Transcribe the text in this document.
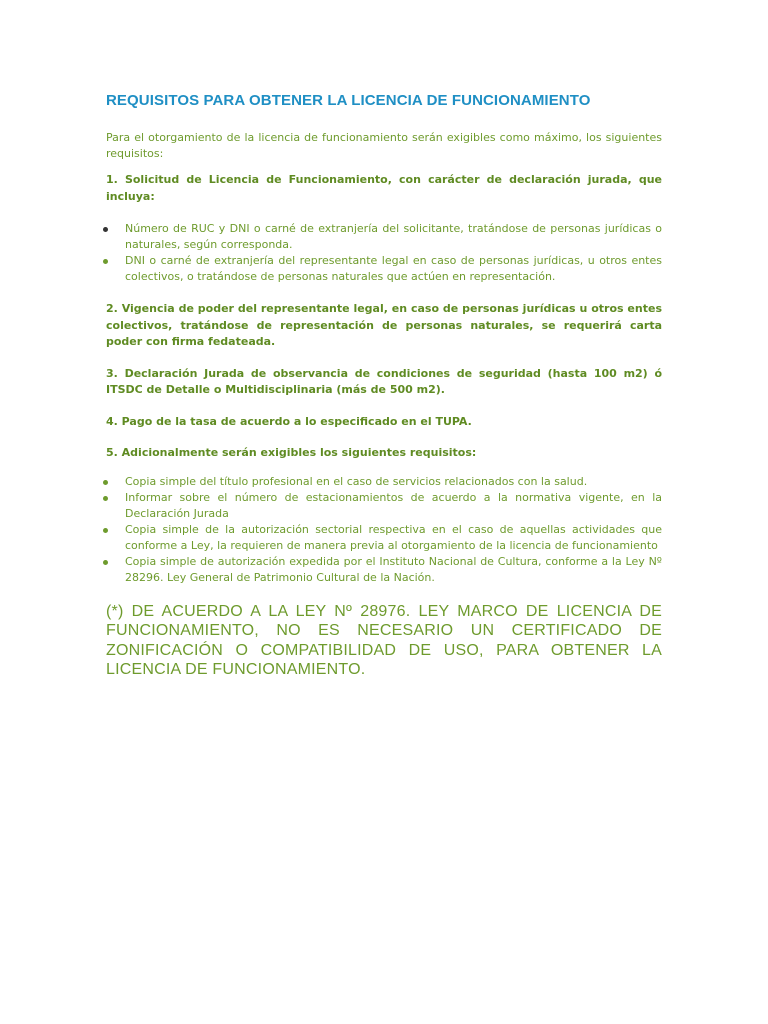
REQUISITOS PARA OBTENER LA LICENCIA DE FUNCIONAMIENTO

Para el otorgamiento de la licencia de funcionamiento serán exigibles como máximo, los siguientes requisitos:

1. Solicitud de Licencia de Funcionamiento, con carácter de declaración jurada, que incluya:

Número de RUC y DNI o carné de extranjería del solicitante, tratándose de personas jurídicas o naturales, según corresponda.
DNI o carné de extranjería del representante legal en caso de personas jurídicas, u otros entes colectivos, o tratándose de personas naturales que actúen en representación.

2. Vigencia de poder del representante legal, en caso de personas jurídicas u otros entes colectivos, tratándose de representación de personas naturales, se requerirá carta poder con firma fedateada.

3. Declaración Jurada de observancia de condiciones de seguridad (hasta 100 m2) ó ITSDC de Detalle o Multidisciplinaria (más de 500 m2).

4. Pago de la tasa de acuerdo a lo especificado en el TUPA.

5. Adicionalmente serán exigibles los siguientes requisitos:

Copia simple del título profesional en el caso de servicios relacionados con la salud.
Informar sobre el número de estacionamientos de acuerdo a la normativa vigente, en la Declaración Jurada
Copia simple de la autorización sectorial respectiva en el caso de aquellas actividades que conforme a Ley, la requieren de manera previa al otorgamiento de la licencia de funcionamiento
Copia simple de autorización expedida por el Instituto Nacional de Cultura, conforme a la Ley Nº 28296. Ley General de Patrimonio Cultural de la Nación.

(*) DE ACUERDO A LA LEY Nº 28976. LEY MARCO DE LICENCIA DE FUNCIONAMIENTO, NO ES NECESARIO UN CERTIFICADO DE ZONIFICACIÓN O COMPATIBILIDAD DE USO, PARA OBTENER LA LICENCIA DE FUNCIONAMIENTO.
